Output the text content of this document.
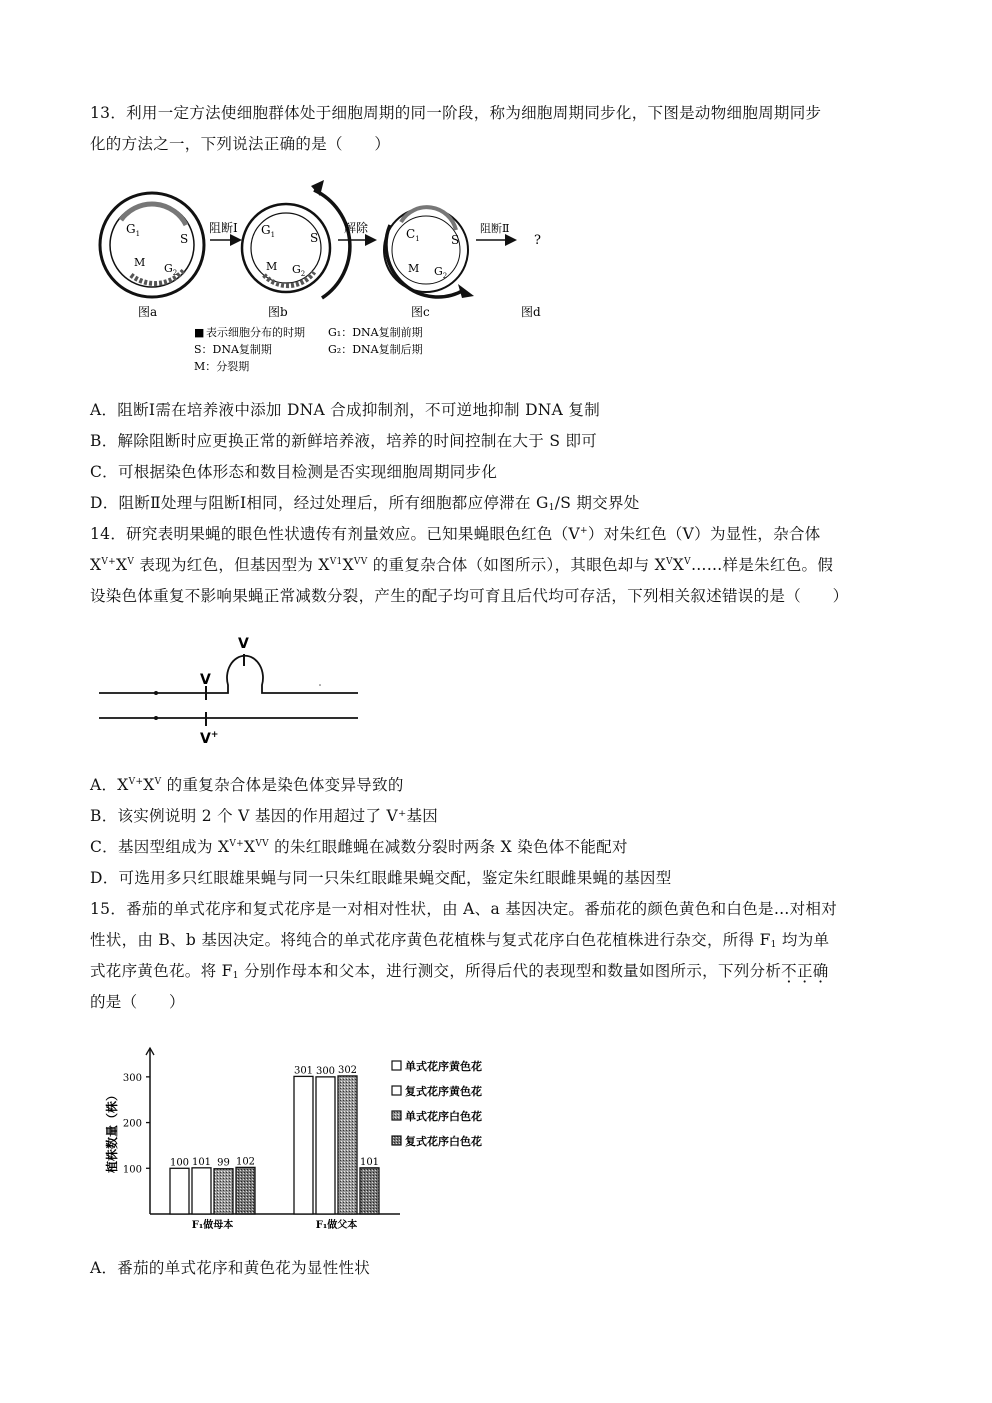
13．利用一定方法使细胞群体处于细胞周期的同一阶段，称为细胞周期同步化，下图是动物细胞周期同步
化的方法之一，下列说法正确的是（　　）
$G_1$	S
M $G_2$
图a
阻断Ⅰ $G_1$	S
M $G_2$
图b
解除	$C_1$	S
M $G_2$
图c
阻断Ⅱ
?
图d
■ 表示细胞分布的时期 G₁：DNA复制前期
S：DNA复制期	G₂：DNA复制后期
M：分裂期
A．阻断Ⅰ需在培养液中添加 DNA 合成抑制剂，不可逆地抑制 DNA 复制
B．解除阻断时应更换正常的新鲜培养液，培养的时间控制在大于 S 即可
C．可根据染色体形态和数目检测是否实现细胞周期同步化
D．阻断Ⅱ处理与阻断Ⅰ相同，经过处理后，所有细胞都应停滞在 $G_1/S$ 期交界处
14．研究表明果蝇的眼色性状遗传有剂量效应。已知果蝇眼色红色（V+）对朱红色（V）为显性，杂合体
$X^{V+}X^V$ 表现为红色，但基因型为 $X^{V1}X^{VV}$ 的重复杂合体（如图所示），其眼色却与 $X^VX^V\dots\dots$样是朱红色。假
设染色体重复不影响果蝇正常减数分裂，产生的配子均可育且后代均可存活，下列相关叙述错误的是（　　）
V
V
V+
A．$X^{V+}X^V$ 的重复杂合体是染色体变异导致的
B．该实例说明 2 个 V 基因的作用超过了 V⁺基因
C．基因型组成为 $X^{V+}X^{VV}$ 的朱红眼雌蝇在减数分裂时两条 X 染色体不能配对
D．可选用多只红眼雄果蝇与同一只朱红眼雌果蝇交配，鉴定朱红眼雌果蝇的基因型
15．番茄的单式花序和复式花序是一对相对性状，由 A、a 基因决定。番茄花的颜色黄色和白色是…对相对
性状，由 B、b 基因决定。将纯合的单式花序黄色花植株与复式花序白色花植株进行杂交，所得 $F_1$ 均为单
式花序黄色花。将 $F_1$ 分别作母本和父本，进行测交，所得后代的表现型和数量如图所示，下列分析不正确
的是（　　）
100
200
300
植株数量（株）	100 101 99 102
F₁做母本
301 300 302
101
F₁做父本
单式花序黄色花
复式花序黄色花
单式花序白色花
复式花序白色花
A．番茄的单式花序和黄色花为显性性状
